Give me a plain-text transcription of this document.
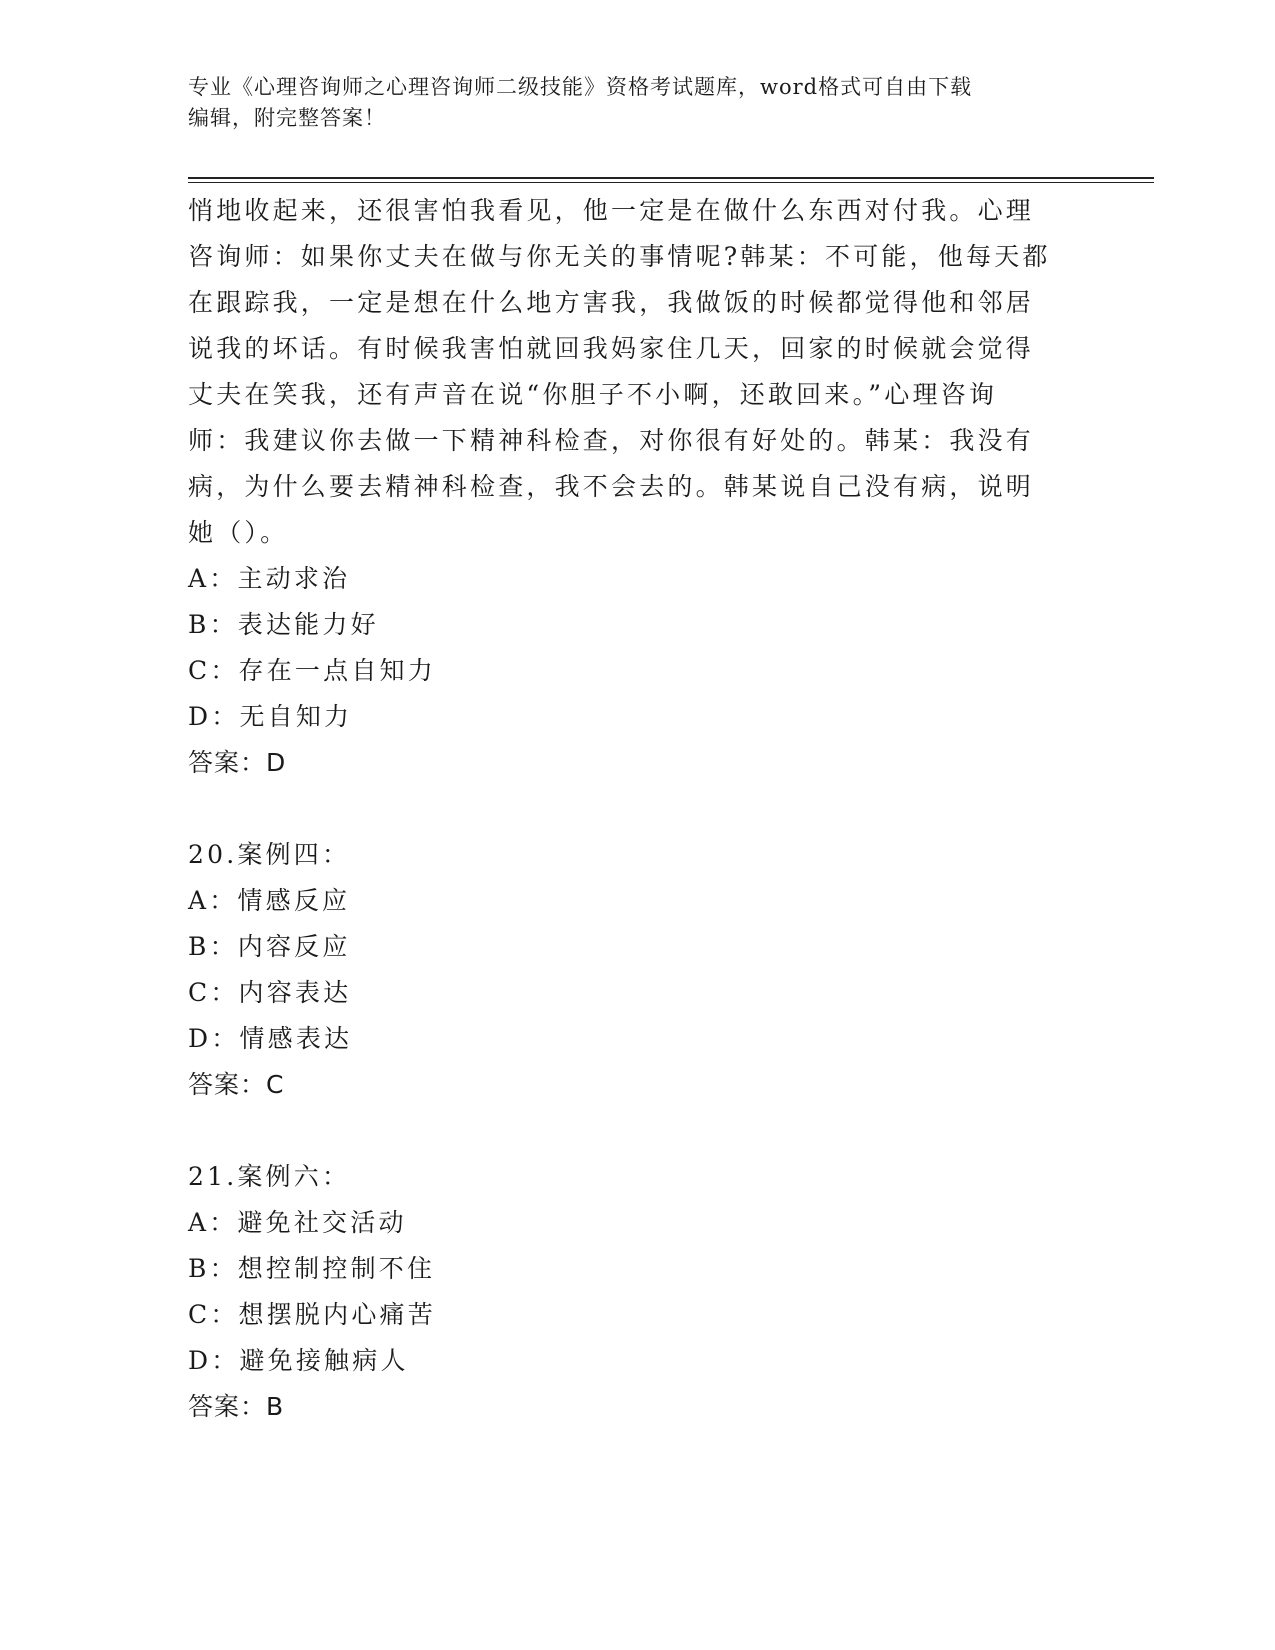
专业《心理咨询师之心理咨询师二级技能》资格考试题库，word格式可自由下载
编辑，附完整答案！

悄地收起来，还很害怕我看见，他一定是在做什么东西对付我。心理

咨询师：如果你丈夫在做与你无关的事情呢?韩某：不可能，他每天都

在跟踪我，一定是想在什么地方害我，我做饭的时候都觉得他和邻居

说我的坏话。有时候我害怕就回我妈家住几天，回家的时候就会觉得

丈夫在笑我，还有声音在说“你胆子不小啊，还敢回来。”心理咨询

师：我建议你去做一下精神科检查，对你很有好处的。韩某：我没有

病，为什么要去精神科检查，我不会去的。韩某说自己没有病，说明

她（）。

A：主动求治

B：表达能力好

C：存在一点自知力

D：无自知力

答案：D

20.案例四：

A：情感反应

B：内容反应

C：内容表达

D：情感表达

答案：C

21.案例六：

A：避免社交活动

B：想控制控制不住

C：想摆脱内心痛苦

D：避免接触病人

答案：B
